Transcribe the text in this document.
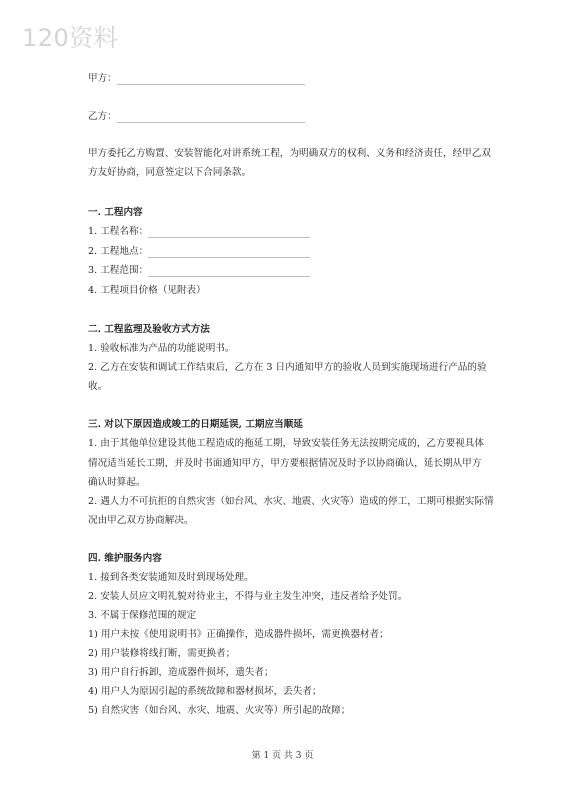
120资料
甲方：
乙方：
甲方委托乙方购置、安装智能化对讲系统工程，为明确双方的权利、义务和经济责任，经甲乙双
方友好协商，同意签定以下合同条款。
一. 工程内容
1. 工程名称：
2. 工程地点：
3. 工程范围：
4. 工程项目价格（见附表）
二. 工程监理及验收方式方法
1. 验收标准为产品的功能说明书。
2. 乙方在安装和调试工作结束后，乙方在 3 日内通知甲方的验收人员到实施现场进行产品的验
收。
三. 对以下原因造成竣工的日期延误, 工期应当顺延
1. 由于其他单位建设其他工程造成的拖延工期，导致安装任务无法按期完成的，乙方要视具体
情况适当延长工期，并及时书面通知甲方，甲方要根据情况及时予以协商确认，延长期从甲方
确认时算起。
2. 遇人力不可抗拒的自然灾害（如台风、水灾、地震、火灾等）造成的停工，工期可根据实际情
况由甲乙双方协商解决。
四. 维护服务内容
1. 接到各类安装通知及时到现场处理。
2. 安装人员应文明礼貌对待业主，不得与业主发生冲突，违反者给予处罚。
3. 不属于保修范围的规定
1) 用户未按《使用说明书》正确操作，造成器件损坏，需更换器材者；
2) 用户装修将线打断，需更换者；
3) 用户自行拆卸，造成器件损坏，遗失者；
4) 用户人为原因引起的系统故障和器材损坏，丢失者；
5) 自然灾害（如台风、水灾、地震、火灾等）所引起的故障；
第 1 页 共 3 页
